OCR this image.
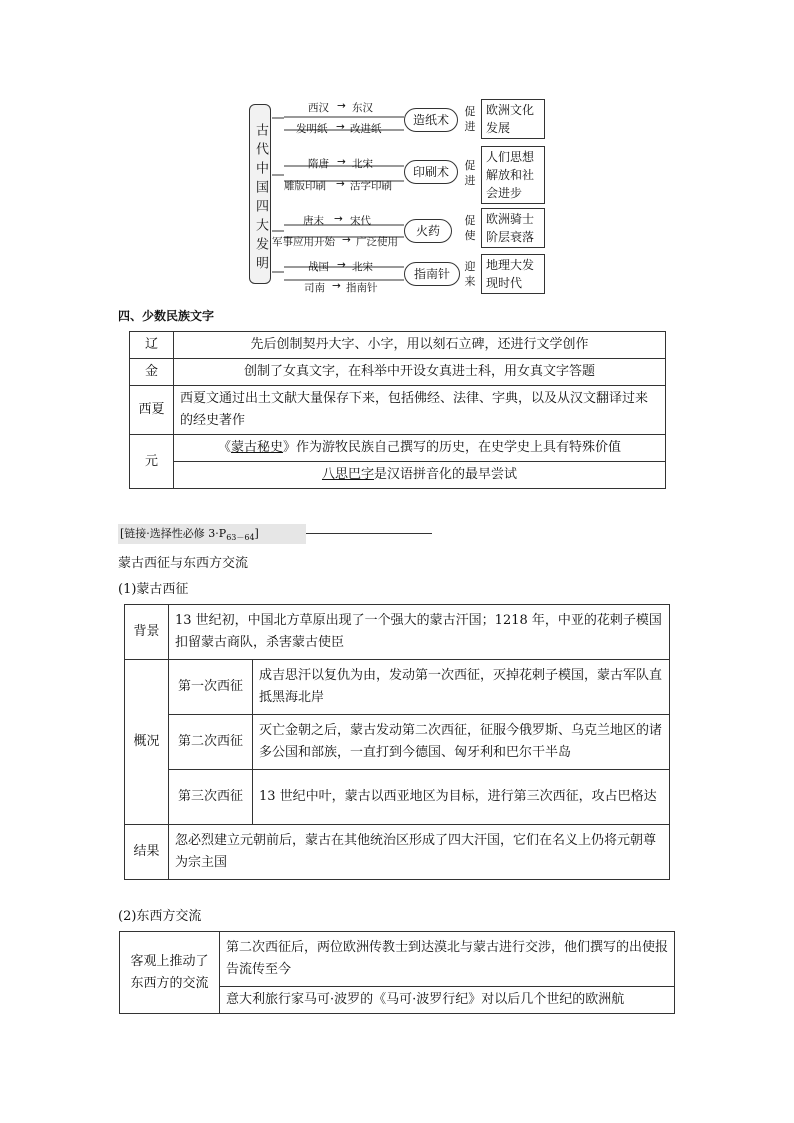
古代中国四大发明
西汉 → 东汉
发明纸 → 改进纸
造纸术
促进
欧洲文化发展
隋唐 → 北宋
雕版印刷 → 活字印刷
印刷术	促进
人们思想解放和社会进步
唐末 → 宋代
军事应用开始 → 广泛使用
火药
促使
欧洲骑士阶层衰落
战国 → 北宋
司南 → 指南针
指南针
迎来
地理大发现时代
四、少数民族文字
辽	先后创制契丹大字、小字，用以刻石立碑，还进行文学创作
金	创制了女真文字，在科举中开设女真进士科，用女真文字答题
西夏	西夏文通过出土文献大量保存下来，包括佛经、法律、字典，以及从汉文翻译过来的经史著作
元	《蒙古秘史》作为游牧民族自己撰写的历史，在史学史上具有特殊价值
	八思巴字是汉语拼音化的最早尝试
[链接·选择性必修 $3\cdot P_{63-64}$]
蒙古西征与东西方交流
(1)蒙古西征
背景	13 世纪初，中国北方草原出现了一个强大的蒙古汗国；1218 年，中亚的花剌子模国扣留蒙古商队，杀害蒙古使臣	
概况	第一次西征	成吉思汗以复仇为由，发动第一次西征，灭掉花剌子模国，蒙古军队直抵黑海北岸
	第二次西征	灭亡金朝之后，蒙古发动第二次西征，征服今俄罗斯、乌克兰地区的诸多公国和部族，一直打到今德国、匈牙利和巴尔干半岛
	第三次西征	13 世纪中叶，蒙古以西亚地区为目标，进行第三次西征，攻占巴格达
结果	忽必烈建立元朝前后，蒙古在其他统治区形成了四大汗国，它们在名义上仍将元朝尊为宗主国	
(2)东西方交流
客观上推动了东西方的交流	第二次西征后，两位欧洲传教士到达漠北与蒙古进行交涉，他们撰写的出使报告流传至今
意大利旅行家马可·波罗的《马可·波罗行纪》对以后几个世纪的欧洲航
